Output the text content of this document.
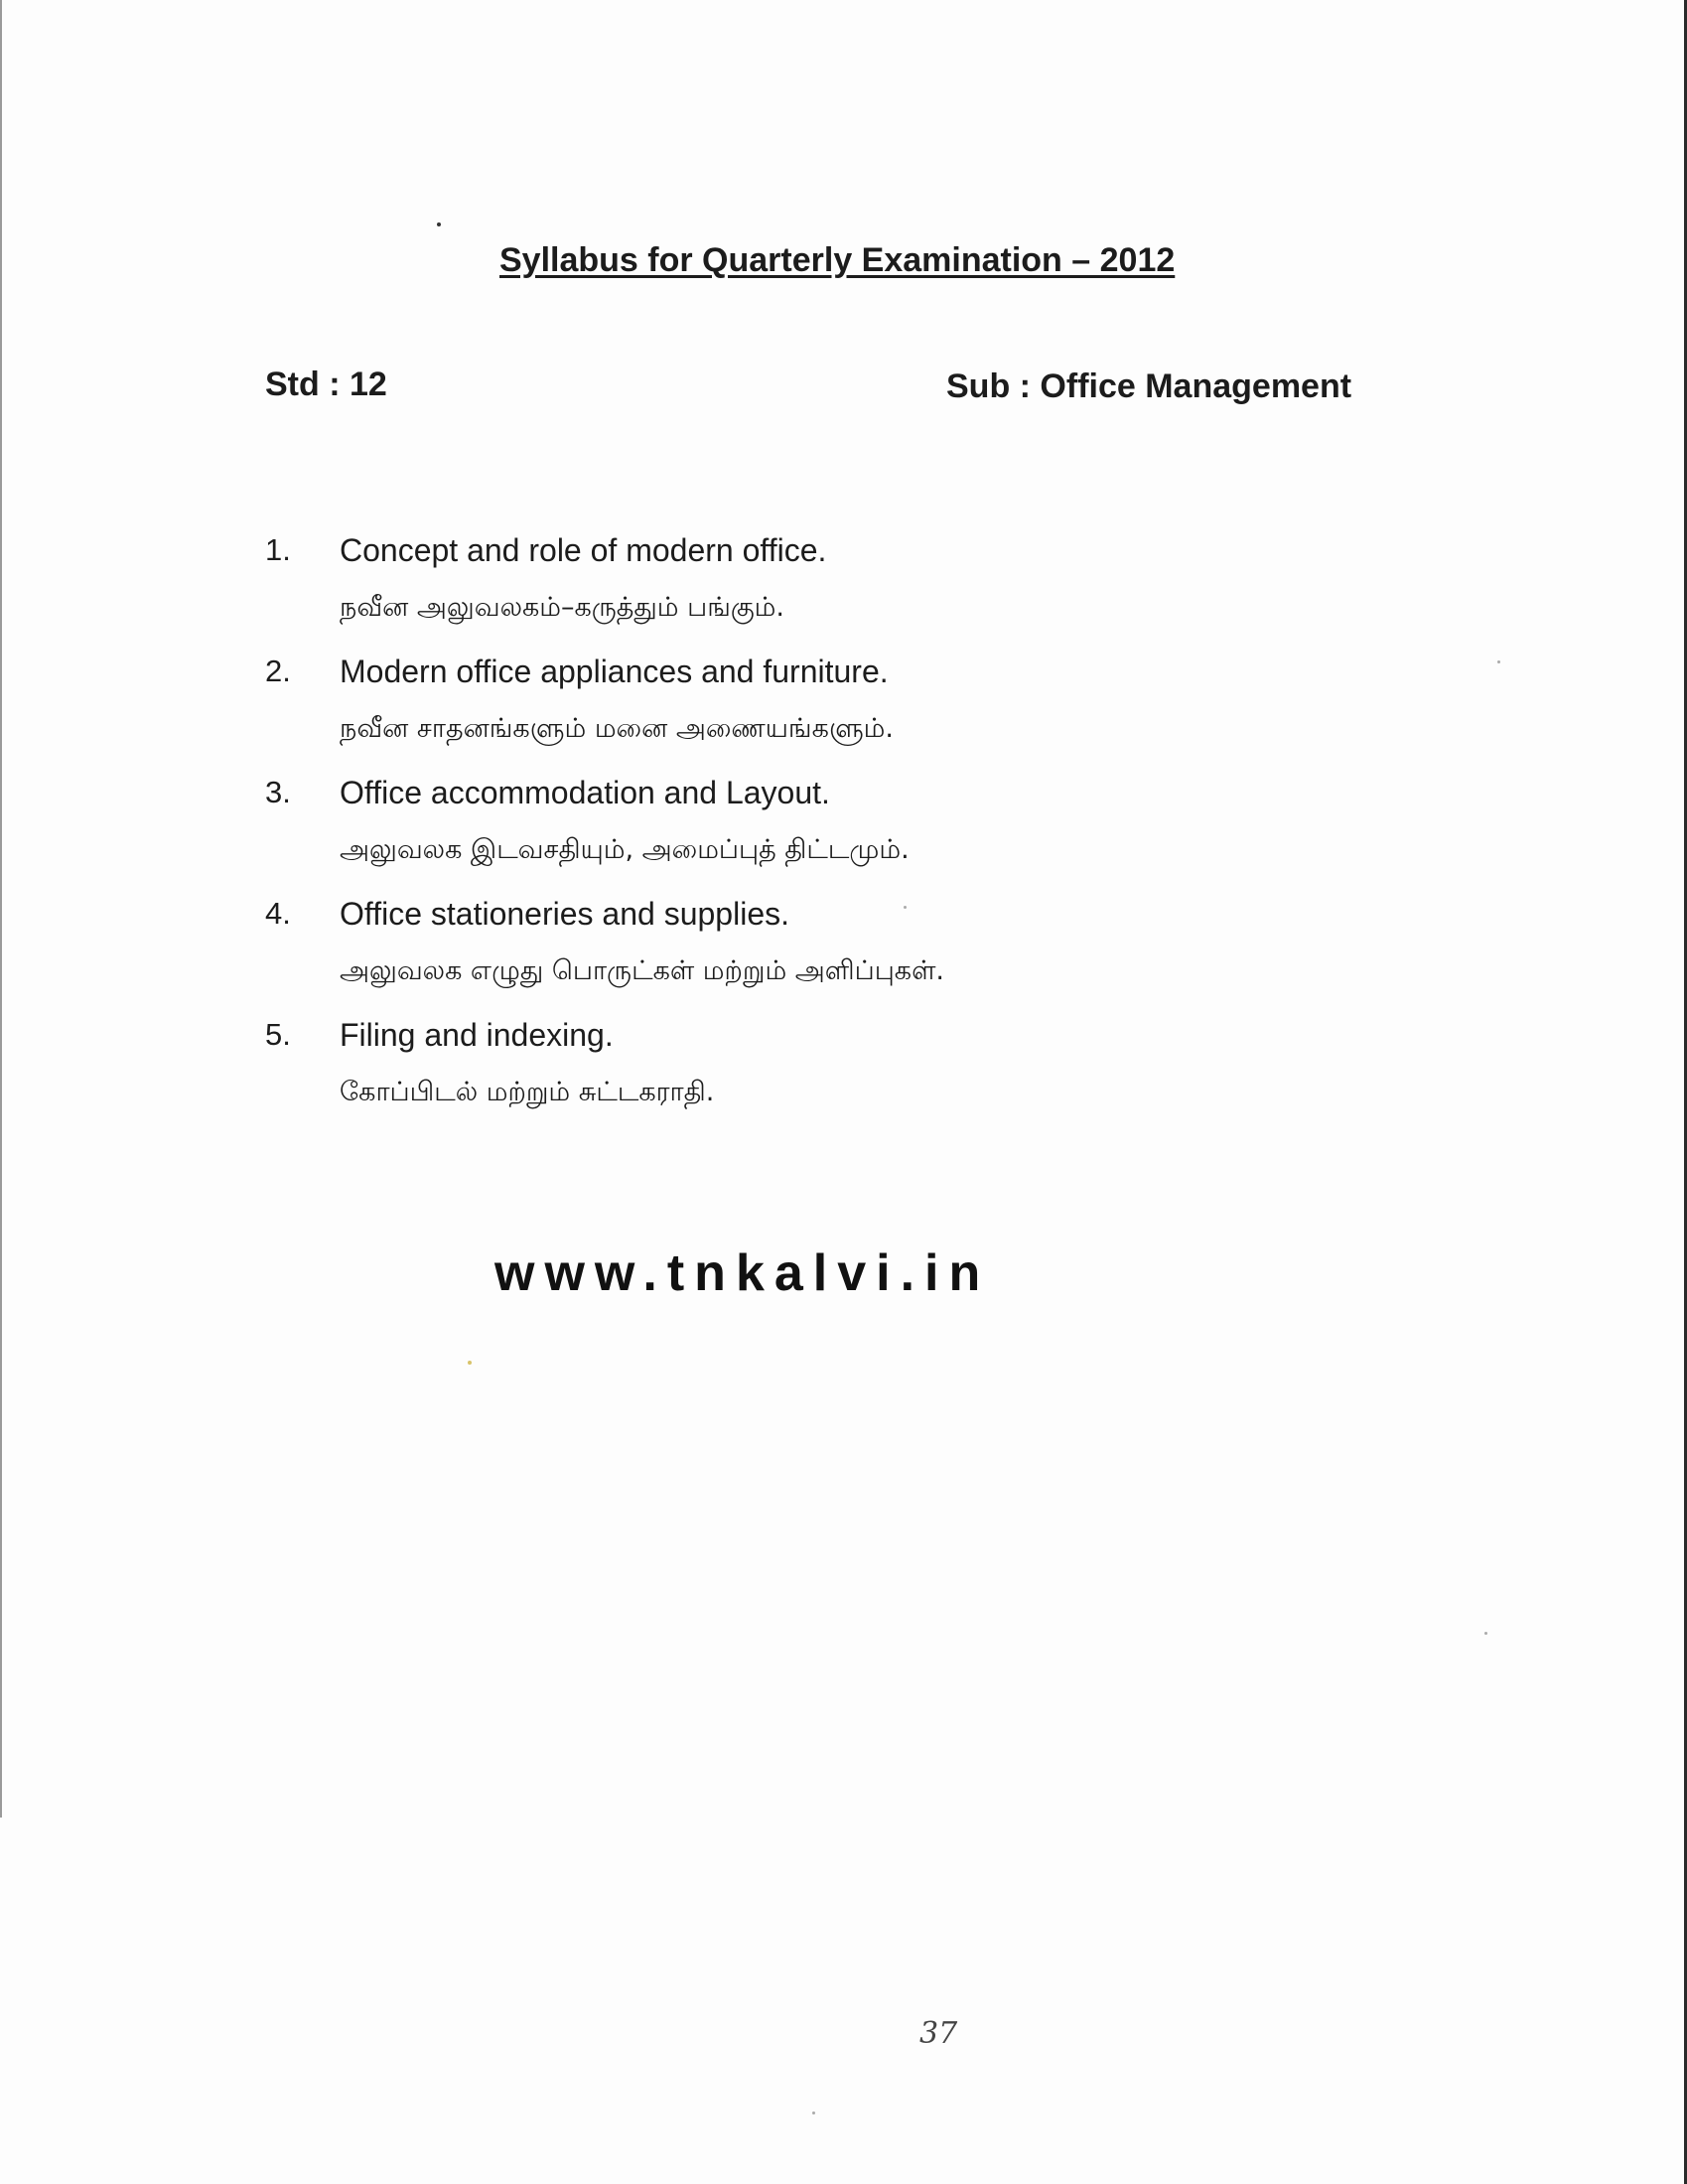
Syllabus for Quarterly Examination – 2012
Std : 12	Sub : Office Management
1. Concept and role of modern office.
நவீன அலுவலகம்–கருத்தும் பங்கும்.
2. Modern office appliances and furniture.
நவீன சாதனங்களும் மனை அணையங்களும்.
3. Office accommodation and Layout.
அலுவலக இடவசதியும், அமைப்புத் திட்டமும்.
4. Office stationeries and supplies.
அலுவலக எழுது பொருட்கள் மற்றும் அளிப்புகள்.
5. Filing and indexing.
கோப்பிடல் மற்றும் சுட்டகராதி.
www.tnkalvi.in
37
